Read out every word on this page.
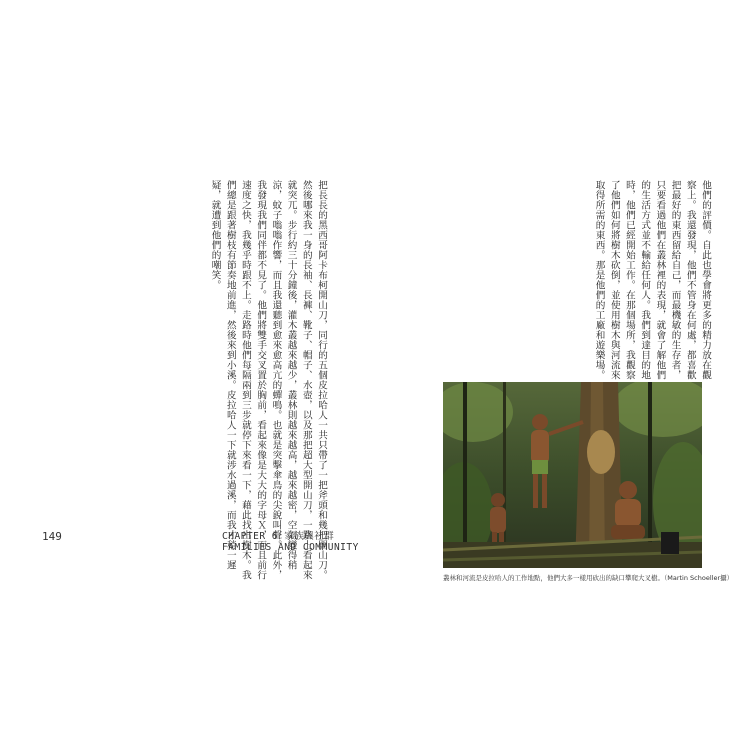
把長長的黑西哥阿卡布柯開山刀，同行的五個皮拉哈人一共只帶了一把斧頭和幾把開山刀。然後哪來我一身的長袖、長褲、靴子、帽子、水壺，以及那把超大型開山刀，一路上看起來就突兀。步行約三十分鐘後，灌木叢越來越少，叢林則越來越高，越來越密，空氣變得稍涼，蚊子嗡嗡作響，而且我還聽到愈來愈高亢的蟬鳴。也就是突擊傘鳥的尖銳叫聲。此外，我發現我們同伴都不見了。他們將雙手交叉置於胸前，看起來像是大大的字母Ｘ，而且前行速度之快，我幾乎時跟不上。走路時他們每隔兩到三步就停下來看一下，藉此找出樹木。我們總是跟著樹枝有節奏地前進，然後來到小溪。皮拉哈人一下就涉水過溪，而我才稍一遲疑，就遭到他們的嘲笑。
149	CHAPTER 6 家族與社群
FAMILIES AND COMMUNITY
他們的評價。自此也學會將更多的精力放在觀察上。我還發現，他們不管身在何處，都喜歡把最好的東西留給自己，而最機敏的生存者，只要看過他們在叢林裡的表現，就會了解他們的生活方式並不輸給任何人。我們到達目的地時，他們已經開始工作。在那個場所，我觀察了他們如何將樹木砍倒，並使用樹木與河流來取得所需的東西。那是他們的工廠和遊樂場。
叢林和河流是皮拉哈人的工作地點，他們大多一樣用砍出的缺口攀爬大叉樹。（Martin Schoeller攝）
